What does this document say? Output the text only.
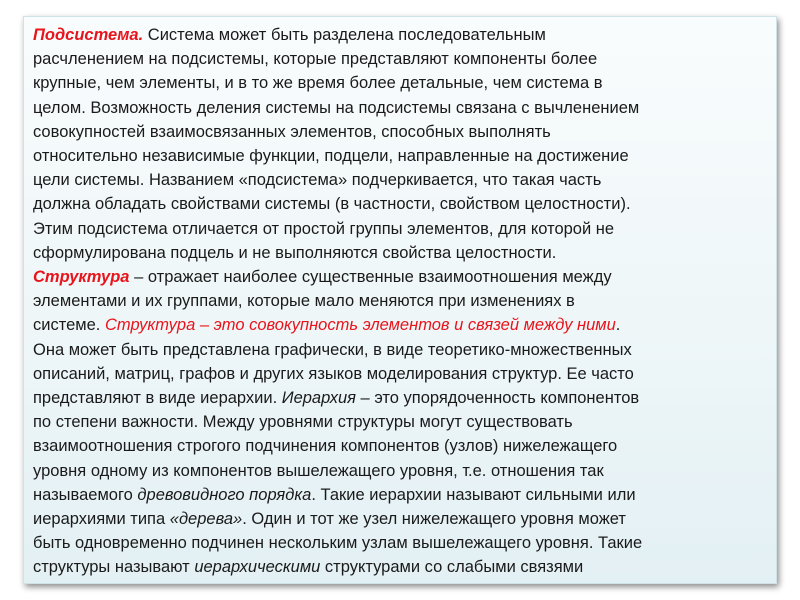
Подсистема. Система может быть разделена последовательным
расчленением на подсистемы, которые представляют компоненты более
крупные, чем элементы, и в то же время более детальные, чем система в
целом. Возможность деления системы на подсистемы связана с вычленением
совокупностей взаимосвязанных элементов, способных выполнять
относительно независимые функции, подцели, направленные на достижение
цели системы. Названием «подсистема» подчеркивается, что такая часть
должна обладать свойствами системы (в частности, свойством целостности).
Этим подсистема отличается от простой группы элементов, для которой не
сформулирована подцель и не выполняются свойства целостности.
Структура – отражает наиболее существенные взаимоотношения между
элементами и их группами, которые мало меняются при изменениях в
системе. Структура – это совокупность элементов и связей между ними.
Она может быть представлена графически, в виде теоретико-множественных
описаний, матриц, графов и других языков моделирования структур. Ее часто
представляют в виде иерархии. Иерархия – это упорядоченность компонентов
по степени важности. Между уровнями структуры могут существовать
взаимоотношения строгого подчинения компонентов (узлов) нижележащего
уровня одному из компонентов вышележащего уровня, т.е. отношения так
называемого древовидного порядка. Такие иерархии называют сильными или
иерархиями типа «дерева». Один и тот же узел нижележащего уровня может
быть одновременно подчинен нескольким узлам вышележащего уровня. Такие
структуры называют иерархическими структурами со слабыми связями
